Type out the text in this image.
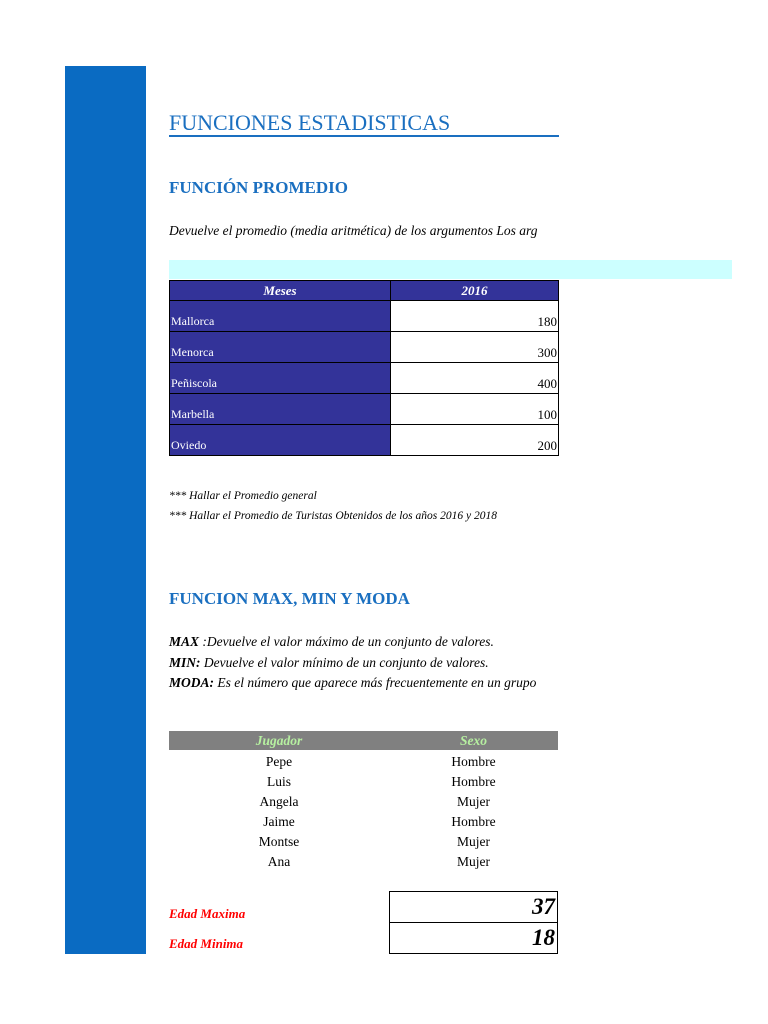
FUNCIONES ESTADISTICAS
FUNCIÓN PROMEDIO
Devuelve el promedio (media aritmética) de los argumentos Los arg
Meses	2016
Mallorca	180
Menorca	300
Peñiscola	400
Marbella	100
Oviedo	200
*** Hallar el Promedio general
*** Hallar el Promedio de Turistas Obtenidos de los años 2016 y 2018
FUNCION MAX, MIN Y MODA
MAX :Devuelve el valor máximo de un conjunto de valores.
MIN: Devuelve el valor mínimo de un conjunto de valores.
MODA: Es el número que aparece más frecuentemente en un grupo
Jugador	Sexo
Pepe	Hombre
Luis	Hombre
Angela	Mujer
Jaime	Hombre
Montse	Mujer
Ana	Mujer
Edad Maxima	37
Edad Minima	18
